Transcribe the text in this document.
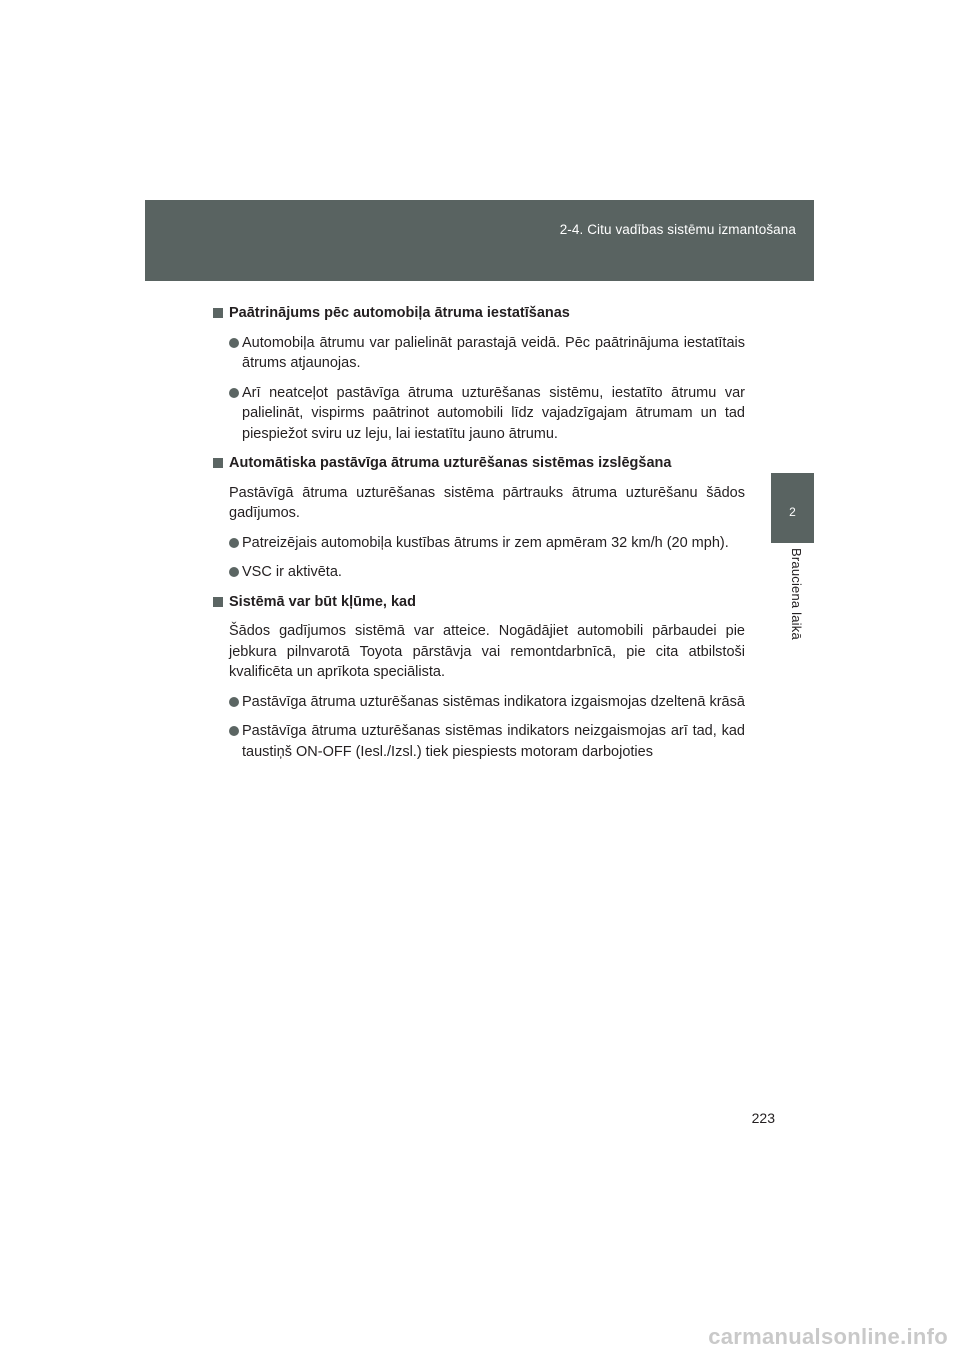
2-4. Citu vadības sistēmu izmantošana
2
Brauciena laikā
Paātrinājums pēc automobiļa ātruma iestatīšanas
Automobiļa ātrumu var palielināt parastajā veidā. Pēc paātrinājuma iestatītais ātrums atjaunojas.
Arī neatceļot pastāvīga ātruma uzturēšanas sistēmu, iestatīto ātrumu var palielināt, vispirms paātrinot automobili līdz vajadzīgajam ātrumam un tad piespiežot sviru uz leju, lai iestatītu jauno ātrumu.
Automātiska pastāvīga ātruma uzturēšanas sistēmas izslēgšana
Pastāvīgā ātruma uzturēšanas sistēma pārtrauks ātruma uzturēšanu šādos gadījumos.
Patreizējais automobiļa kustības ātrums ir zem apmēram 32 km/h (20 mph).
VSC ir aktivēta.
Sistēmā var būt kļūme, kad
Šādos gadījumos sistēmā var atteice. Nogādājiet automobili pārbaudei pie jebkura pilnvarotā Toyota pārstāvja vai remontdarbnīcā, pie cita atbilstoši kvalificēta un aprīkota speciālista.
Pastāvīga ātruma uzturēšanas sistēmas indikatora izgaismojas dzeltenā krāsā
Pastāvīga ātruma uzturēšanas sistēmas indikators neizgaismojas arī tad, kad taustiņš ON-OFF (Iesl./Izsl.) tiek piespiests motoram darbojoties
223
carmanualsonline.info
